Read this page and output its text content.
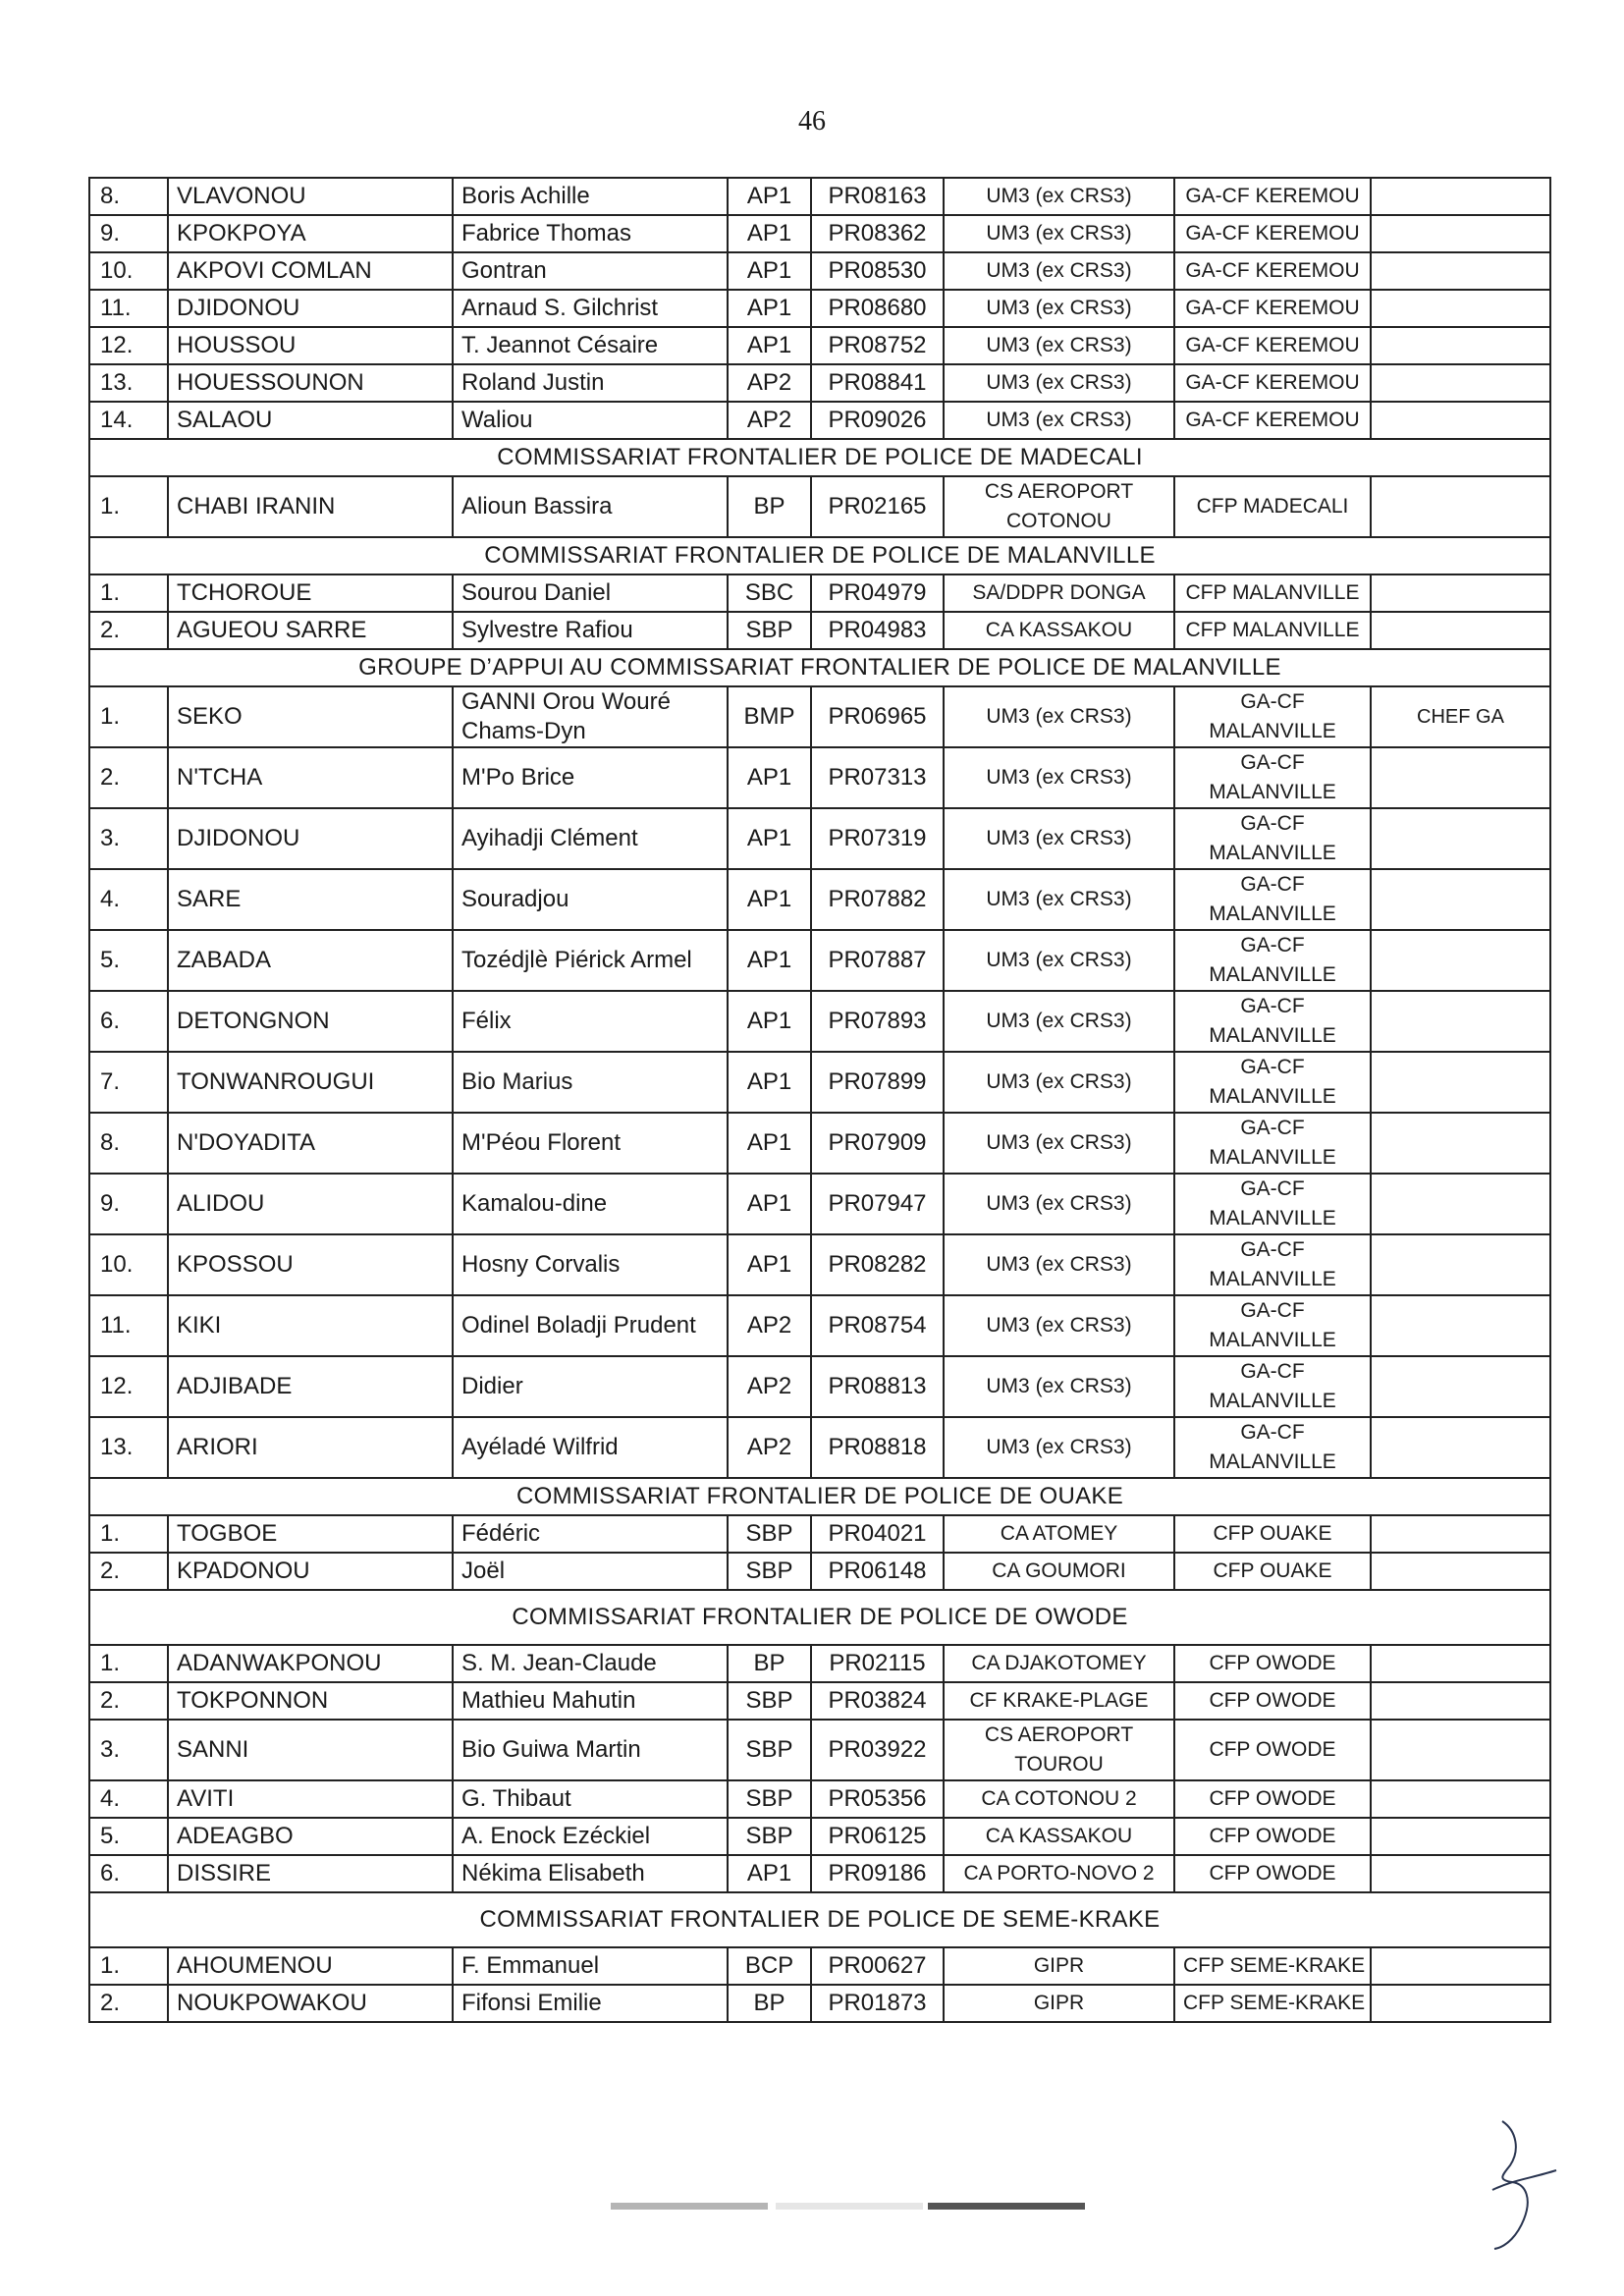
46
8.	VLAVONOU	Boris Achille	AP1	PR08163	UM3 (ex CRS3)	GA-CF KEREMOU	
9.	KPOKPOYA	Fabrice Thomas	AP1	PR08362	UM3 (ex CRS3)	GA-CF KEREMOU	
10.	AKPOVI COMLAN	Gontran	AP1	PR08530	UM3 (ex CRS3)	GA-CF KEREMOU	
11.	DJIDONOU	Arnaud S. Gilchrist	AP1	PR08680	UM3 (ex CRS3)	GA-CF KEREMOU	
12.	HOUSSOU	T. Jeannot Césaire	AP1	PR08752	UM3 (ex CRS3)	GA-CF KEREMOU	
13.	HOUESSOUNON	Roland Justin	AP2	PR08841	UM3 (ex CRS3)	GA-CF KEREMOU	
14.	SALAOU	Waliou	AP2	PR09026	UM3 (ex CRS3)	GA-CF KEREMOU	
COMMISSARIAT FRONTALIER DE POLICE DE MADECALI							
1.	CHABI IRANIN	Alioun Bassira	BP	PR02165	CS AEROPORT COTONOU	CFP MADECALI	
COMMISSARIAT FRONTALIER DE POLICE DE MALANVILLE							
1.	TCHOROUE	Sourou Daniel	SBC	PR04979	SA/DDPR DONGA	CFP MALANVILLE	
2.	AGUEOU SARRE	Sylvestre Rafiou	SBP	PR04983	CA KASSAKOU	CFP MALANVILLE	
GROUPE D’APPUI AU COMMISSARIAT FRONTALIER DE POLICE DE MALANVILLE							
1.	SEKO	GANNI Orou Wouré Chams-Dyn	BMP	PR06965	UM3 (ex CRS3)	GA-CF MALANVILLE	CHEF GA
2.	N'TCHA	M'Po Brice	AP1	PR07313	UM3 (ex CRS3)	GA-CF MALANVILLE	
3.	DJIDONOU	Ayihadji Clément	AP1	PR07319	UM3 (ex CRS3)	GA-CF MALANVILLE	
4.	SARE	Souradjou	AP1	PR07882	UM3 (ex CRS3)	GA-CF MALANVILLE	
5.	ZABADA	Tozédjlè Piérick Armel	AP1	PR07887	UM3 (ex CRS3)	GA-CF MALANVILLE	
6.	DETONGNON	Félix	AP1	PR07893	UM3 (ex CRS3)	GA-CF MALANVILLE	
7.	TONWANROUGUI	Bio Marius	AP1	PR07899	UM3 (ex CRS3)	GA-CF MALANVILLE	
8.	N'DOYADITA	M'Péou Florent	AP1	PR07909	UM3 (ex CRS3)	GA-CF MALANVILLE	
9.	ALIDOU	Kamalou-dine	AP1	PR07947	UM3 (ex CRS3)	GA-CF MALANVILLE	
10.	KPOSSOU	Hosny Corvalis	AP1	PR08282	UM3 (ex CRS3)	GA-CF MALANVILLE	
11.	KIKI	Odinel Boladji Prudent	AP2	PR08754	UM3 (ex CRS3)	GA-CF MALANVILLE	
12.	ADJIBADE	Didier	AP2	PR08813	UM3 (ex CRS3)	GA-CF MALANVILLE	
13.	ARIORI	Ayéladé Wilfrid	AP2	PR08818	UM3 (ex CRS3)	GA-CF MALANVILLE	
COMMISSARIAT FRONTALIER DE POLICE DE OUAKE							
1.	TOGBOE	Fédéric	SBP	PR04021	CA ATOMEY	CFP OUAKE	
2.	KPADONOU	Joël	SBP	PR06148	CA GOUMORI	CFP OUAKE	
COMMISSARIAT FRONTALIER DE POLICE DE OWODE							
1.	ADANWAKPONOU	S. M. Jean-Claude	BP	PR02115	CA DJAKOTOMEY	CFP OWODE	
2.	TOKPONNON	Mathieu Mahutin	SBP	PR03824	CF KRAKE-PLAGE	CFP OWODE	
3.	SANNI	Bio Guiwa Martin	SBP	PR03922	CS AEROPORT TOUROU	CFP OWODE	
4.	AVITI	G. Thibaut	SBP	PR05356	CA COTONOU 2	CFP OWODE	
5.	ADEAGBO	A. Enock Ezéckiel	SBP	PR06125	CA KASSAKOU	CFP OWODE	
6.	DISSIRE	Nékima Elisabeth	AP1	PR09186	CA PORTO-NOVO 2	CFP OWODE	
COMMISSARIAT FRONTALIER DE POLICE DE SEME-KRAKE							
1.	AHOUMENOU	F. Emmanuel	BCP	PR00627	GIPR	CFP SEME-KRAKE	
2.	NOUKPOWAKOU	Fifonsi Emilie	BP	PR01873	GIPR	CFP SEME-KRAKE	
